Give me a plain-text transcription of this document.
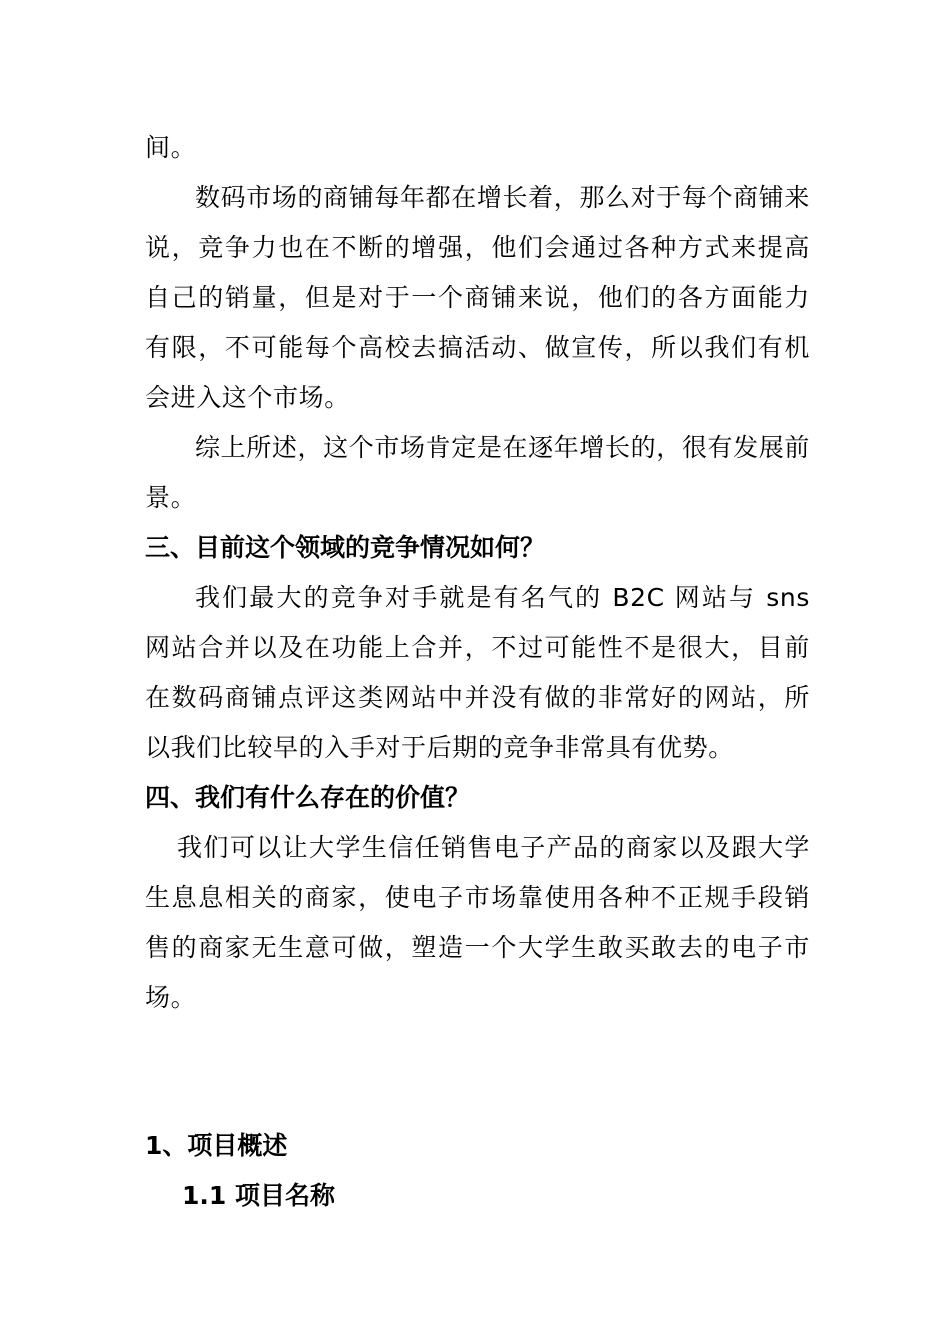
间。

数码市场的商铺每年都在增长着，那么对于每个商铺来说，竞争力也在不断的增强，他们会通过各种方式来提高自己的销量，但是对于一个商铺来说，他们的各方面能力有限，不可能每个高校去搞活动、做宣传，所以我们有机会进入这个市场。

综上所述，这个市场肯定是在逐年增长的，很有发展前景。

三、目前这个领域的竞争情况如何？

我们最大的竞争对手就是有名气的 B2C 网站与 sns 网站合并以及在功能上合并，不过可能性不是很大，目前在数码商铺点评这类网站中并没有做的非常好的网站，所以我们比较早的入手对于后期的竞争非常具有优势。

四、我们有什么存在的价值？

我们可以让大学生信任销售电子产品的商家以及跟大学生息息相关的商家，使电子市场靠使用各种不正规手段销售的商家无生意可做，塑造一个大学生敢买敢去的电子市场。

1、项目概述
1.1 项目名称
